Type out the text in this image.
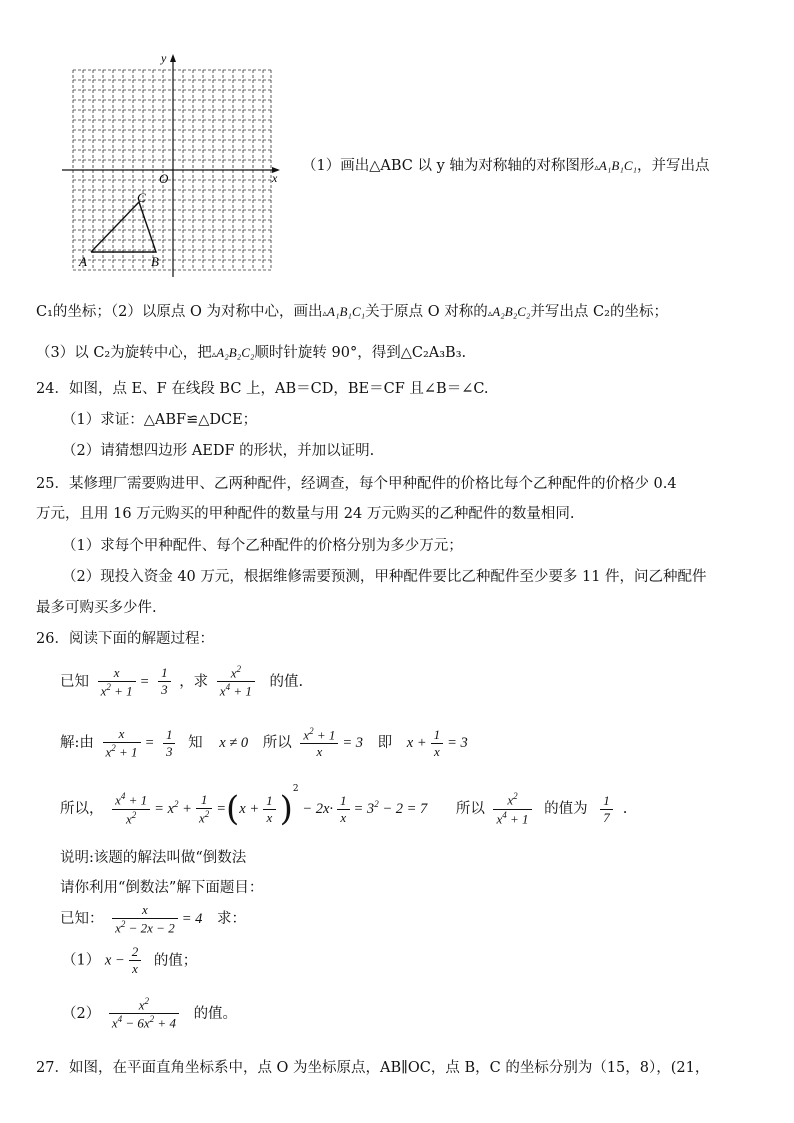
y
x
O
C
A	B
（1）画出△ABC 以 y 轴为对称轴的对称图形▵A₁B₁C₁，并写出点
C₁的坐标；（2）以原点 O 为对称中心，画出▵A₁B₁C₁关于原点 O 对称的▵A₂B₂C₂并写出点 C₂的坐标；
（3）以 C₂为旋转中心，把▵A₂B₂C₂顺时针旋转 90°，得到△C₂A₃B₃.
24．如图，点 E、F 在线段 BC 上，AB＝CD，BE＝CF 且∠B＝∠C.
（1）求证：△ABF≌△DCE；
（2）请猜想四边形 AEDF 的形状，并加以证明.
25．某修理厂需要购进甲、乙两种配件，经调查，每个甲种配件的价格比每个乙种配件的价格少 0.4
万元，且用 16 万元购买的甲种配件的数量与用 24 万元购买的乙种配件的数量相同.
（1）求每个甲种配件、每个乙种配件的价格分别为多少万元；
（2）现投入资金 40 万元，根据维修需要预测，甲种配件要比乙种配件至少要多 11 件，问乙种配件
最多可购买多少件.
26．阅读下面的解题过程：
已知 $\frac{x}{x^2 + 1} = \frac{1}{3}$ ，求 $\frac{x^2}{x^4 + 1}$ 的值.
解:由 $\frac{x}{x^2 + 1} = \frac{1}{3}$ 知 x ≠ 0 所以 $\frac{x^2 + 1}{x} = 3$ 即 $x + \frac{1}{x} = 3$
所以， $\frac{x^4 + 1}{x^2} = x^2 + \frac{1}{x^2} =(x + \frac{1}{x} )^2 - 2x\cdot \frac{1}{x} = 3^2 - 2 = 7$ 所以 $\frac{x^2}{x^4 + 1}$ 的值为 $\frac{1}{7}$ .
说明:该题的解法叫做“倒数法
请你利用“倒数法”解下面题目：
已知： $\frac{x}{x^2 - 2x - 2} = 4$ 求：
（1） $x - \frac{2}{x}$ 的值；
$(2) \frac{x^2}{x^4 - 6x^2 + 4}$ 的值。
27．如图，在平面直角坐标系中，点 O 为坐标原点，AB∥OC，点 B，C 的坐标分别为（15，8），(21，
